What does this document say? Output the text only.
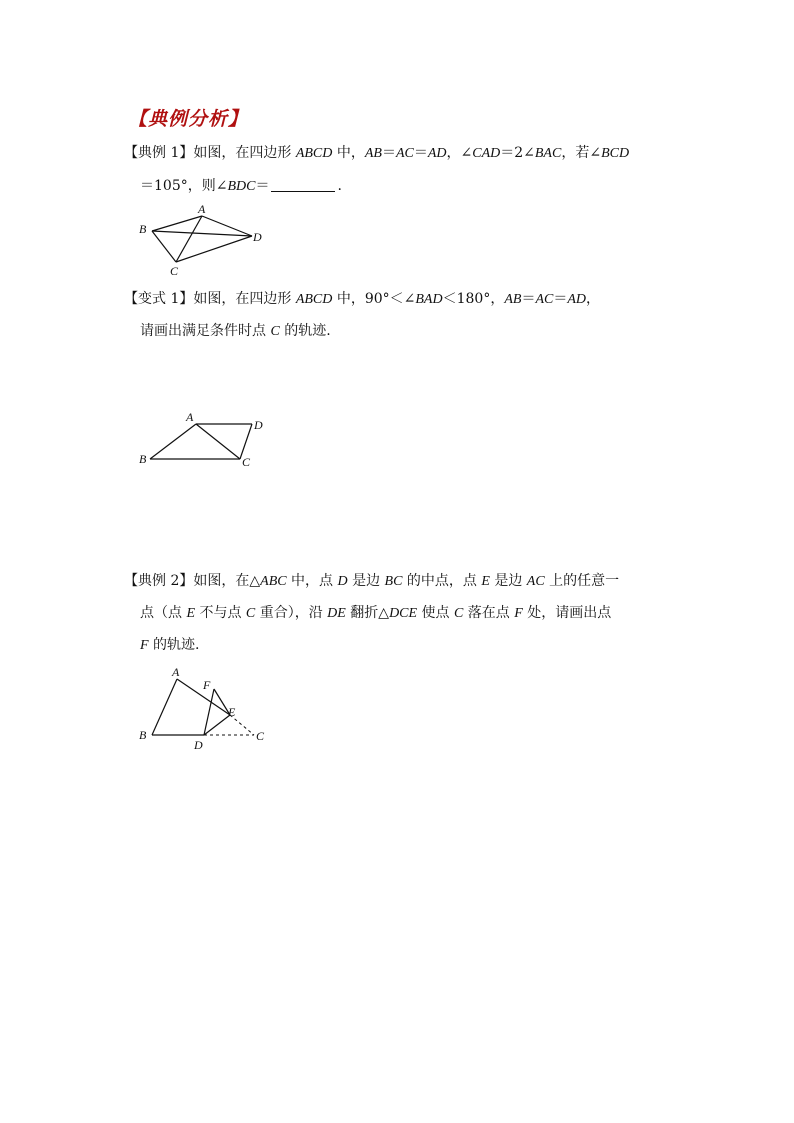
【典例分析】
【典例 1】如图，在四边形 ABCD 中，AB＝AC＝AD，∠CAD＝2∠BAC，若∠BCD
＝105°，则∠BDC＝	.
A
B
C
D
【变式 1】如图，在四边形 ABCD 中，90°＜∠BAD＜180°，AB＝AC＝AD，
请画出满足条件时点 C 的轨迹.
A
B	C
D
【典例 2】如图，在△ABC 中，点 D 是边 BC 的中点，点 E 是边 AC 上的任意一
点（点 E 不与点 C 重合），沿 DE 翻折△DCE 使点 C 落在点 F 处，请画出点
F 的轨迹.
A
B	C
D
E
F
